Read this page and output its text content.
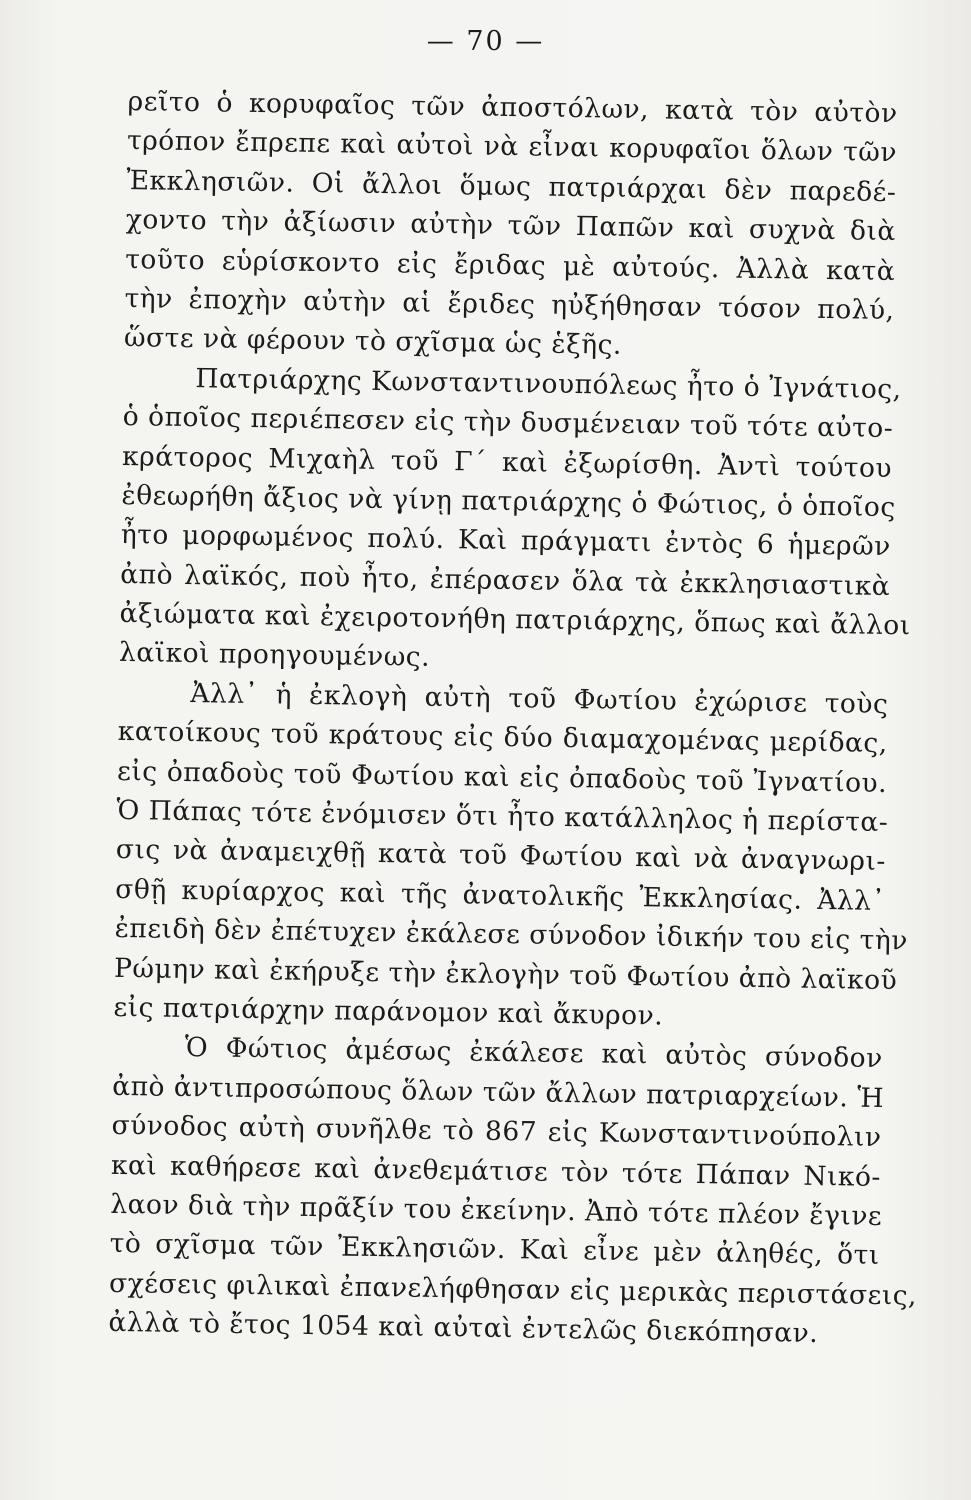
— 70 —
ρεῖτο ὁ κορυφαῖος τῶν ἀποστόλων, κατὰ τὸν αὐτὸν
τρόπον ἔπρεπε καὶ αὐτοὶ νὰ εἶναι κορυφαῖοι ὅλων τῶν
Ἐκκλησιῶν. Οἱ ἄλλοι ὅμως πατριάρχαι δὲν παρεδέ-
χοντο τὴν ἀξίωσιν αὐτὴν τῶν Παπῶν καὶ συχνὰ διὰ
τοῦτο εὑρίσκοντο εἰς ἔριδας μὲ αὐτούς. Ἀλλὰ κατὰ
τὴν ἐποχὴν αὐτὴν αἱ ἔριδες ηὐξήθησαν τόσον πολύ,
ὥστε νὰ φέρουν τὸ σχῖσμα ὡς ἑξῆς.
Πατριάρχης Κωνσταντινουπόλεως ἦτο ὁ Ἰγνάτιος,
ὁ ὁποῖος περιέπεσεν εἰς τὴν δυσμένειαν τοῦ τότε αὐτο-
κράτορος Μιχαὴλ τοῦ Γ´ καὶ ἐξωρίσθη. Ἀντὶ τούτου
ἐθεωρήθη ἄξιος νὰ γίνῃ πατριάρχης ὁ Φώτιος, ὁ ὁποῖος
ἦτο μορφωμένος πολύ. Καὶ πράγματι ἐντὸς 6 ἡμερῶν
ἀπὸ λαϊκός, ποὺ ἦτο, ἐπέρασεν ὅλα τὰ ἐκκλησιαστικὰ
ἀξιώματα καὶ ἐχειροτονήθη πατριάρχης, ὅπως καὶ ἄλλοι
λαϊκοὶ προηγουμένως.
Ἀλλ᾽ ἡ ἐκλογὴ αὐτὴ τοῦ Φωτίου ἐχώρισε τοὺς
κατοίκους τοῦ κράτους εἰς δύο διαμαχομένας μερίδας,
εἰς ὀπαδοὺς τοῦ Φωτίου καὶ εἰς ὀπαδοὺς τοῦ Ἰγνατίου.
Ὁ Πάπας τότε ἐνόμισεν ὅτι ἦτο κατάλληλος ἡ περίστα-
σις νὰ ἀναμειχθῇ κατὰ τοῦ Φωτίου καὶ νὰ ἀναγνωρι-
σθῇ κυρίαρχος καὶ τῆς ἀνατολικῆς Ἐκκλησίας. Ἀλλ᾽
ἐπειδὴ δὲν ἐπέτυχεν ἐκάλεσε σύνοδον ἰδικήν του εἰς τὴν
Ρώμην καὶ ἐκήρυξε τὴν ἐκλογὴν τοῦ Φωτίου ἀπὸ λαϊκοῦ
εἰς πατριάρχην παράνομον καὶ ἄκυρον.
Ὁ Φώτιος ἀμέσως ἐκάλεσε καὶ αὐτὸς σύνοδον
ἀπὸ ἀντιπροσώπους ὅλων τῶν ἄλλων πατριαρχείων. Ἡ
σύνοδος αὐτὴ συνῆλθε τὸ 867 εἰς Κωνσταντινούπολιν
καὶ καθήρεσε καὶ ἀνεθεμάτισε τὸν τότε Πάπαν Νικό-
λαον διὰ τὴν πρᾶξίν του ἐκείνην. Ἀπὸ τότε πλέον ἔγινε
τὸ σχῖσμα τῶν Ἐκκλησιῶν. Καὶ εἶνε μὲν ἀληθές, ὅτι
σχέσεις φιλικαὶ ἐπανελήφθησαν εἰς μερικὰς περιστάσεις,
ἀλλὰ τὸ ἔτος 1054 καὶ αὐταὶ ἐντελῶς διεκόπησαν.
